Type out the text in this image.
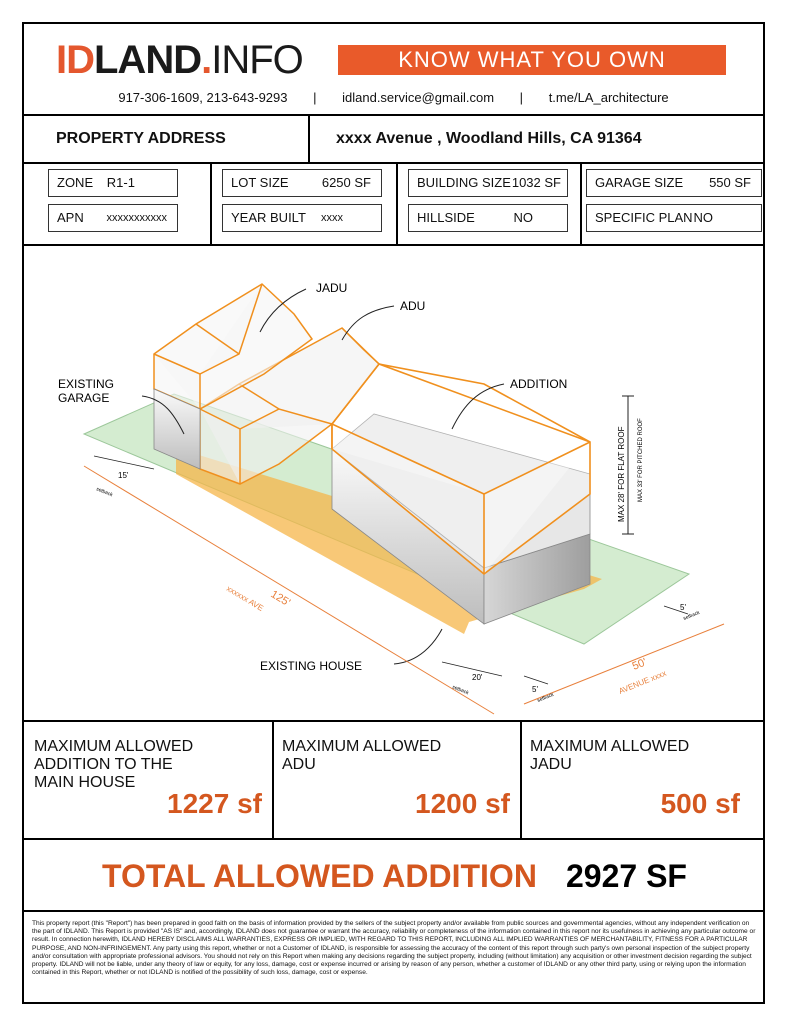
IDLAND.INFO	KNOW WHAT YOU OWN
917-306-1609, 213-643-9293 | idland.service@gmail.com | t.me/LA_architecture
PROPERTY ADDRESS	xxxx Avenue , Woodland Hills, CA 91364
ZONE R1-1
APN xxxxxxxxxxx
LOT SIZE	6250 SF
YEAR BUILT xxxx
BUILDING SIZE 1032 SF
HILLSIDE	NO
GARAGE SIZE 550 SF
SPECIFIC PLAN NO
JADU
ADU
EXISTING
GARAGE
ADDITION
EXISTING HOUSE
MAX 28' FOR FLAT ROOF MAX 33' FOR PITCHED ROOF
125'
xxxxxx AVE
50'
AVENUE xxxx
15'
setback
20'
setback
5'
setback
5'
setback
MAXIMUM ALLOWED
ADDITION TO THE
MAIN HOUSE
1227 sf
MAXIMUM ALLOWED
ADU
1200 sf
MAXIMUM ALLOWED
JADU
500 sf
TOTAL ALLOWED ADDITION 2927 SF
This property report (this "Report") has been prepared in good faith on the basis of information provided by the sellers of the subject property and/or available from public sources and governmental agencies, without any independent verification on the part of IDLAND. This Report is provided "AS IS" and, accordingly, IDLAND does not guarantee or warrant the accuracy, reliability or completeness of the information contained in this report nor its usefulness in achieving any particular outcome or result. In connection herewith, IDLAND HEREBY DISCLAIMS ALL WARRANTIES, EXPRESS OR IMPLIED, WITH REGARD TO THIS REPORT, INCLUDING ALL IMPLIED WARRANTIES OF MERCHANTABILITY, FITNESS FOR A PARTICULAR PURPOSE, AND NON-INFRINGEMENT. Any party using this report, whether or not a Customer of IDLAND, is responsible for assessing the accuracy of the content of this report through such party's own personal inspection of the subject property and/or consultation with appropriate professional advisors. You should not rely on this Report when making any decisions regarding the subject property, including (without limitation) any acquisition or other investment decision regarding the subject property. IDLAND will not be liable, under any theory of law or equity, for any loss, damage, cost or expense incurred or arising by reason of any person, whether a customer of IDLAND or any other third party, using or relying upon the information contained in this Report, whether or not IDLAND is notified of the possibility of such loss, damage, cost or expense.
